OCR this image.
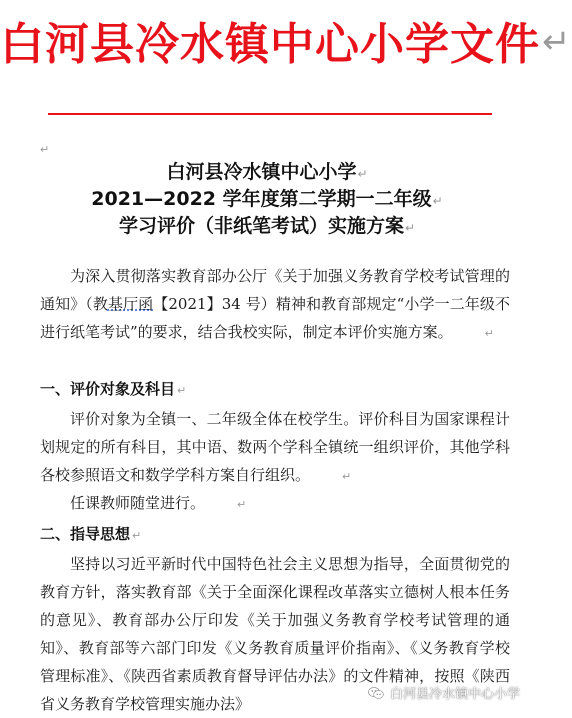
白河县冷水镇中心小学文件↵
↵
白河县冷水镇中心小学↵
2021—2022 学年度第二学期一二年级↵
学习评价（非纸笔考试）实施方案↵

为深入贯彻落实教育部办公厅《关于加强义务教育学校考试管理的通知》（教基厅函【2021】34 号）精神和教育部规定“小学一二年级不进行纸笔考试”的要求，结合我校实际，制定本评价实施方案。	↵

一、评价对象及科目 ↵

评价对象为全镇一、二年级全体在校学生。评价科目为国家课程计划规定的所有科目，其中语、数两个学科全镇统一组织评价，其他学科各校参照语文和数学学科方案自行组织。	↵

任课教师随堂进行。	↵

二、指导思想 ↵

坚持以习近平新时代中国特色社会主义思想为指导，全面贯彻党的教育方针，落实教育部《关于全面深化课程改革落实立德树人根本任务的意见》、教育部办公厅印发《关于加强义务教育学校考试管理的通知》、教育部等六部门印发《义务教育质量评价指南》、《义务教育学校管理标准》、《陕西省素质教育督导评估办法》的文件精神，按照《陕西省义务教育学校管理实施办法》

白河县冷水镇中心小学
